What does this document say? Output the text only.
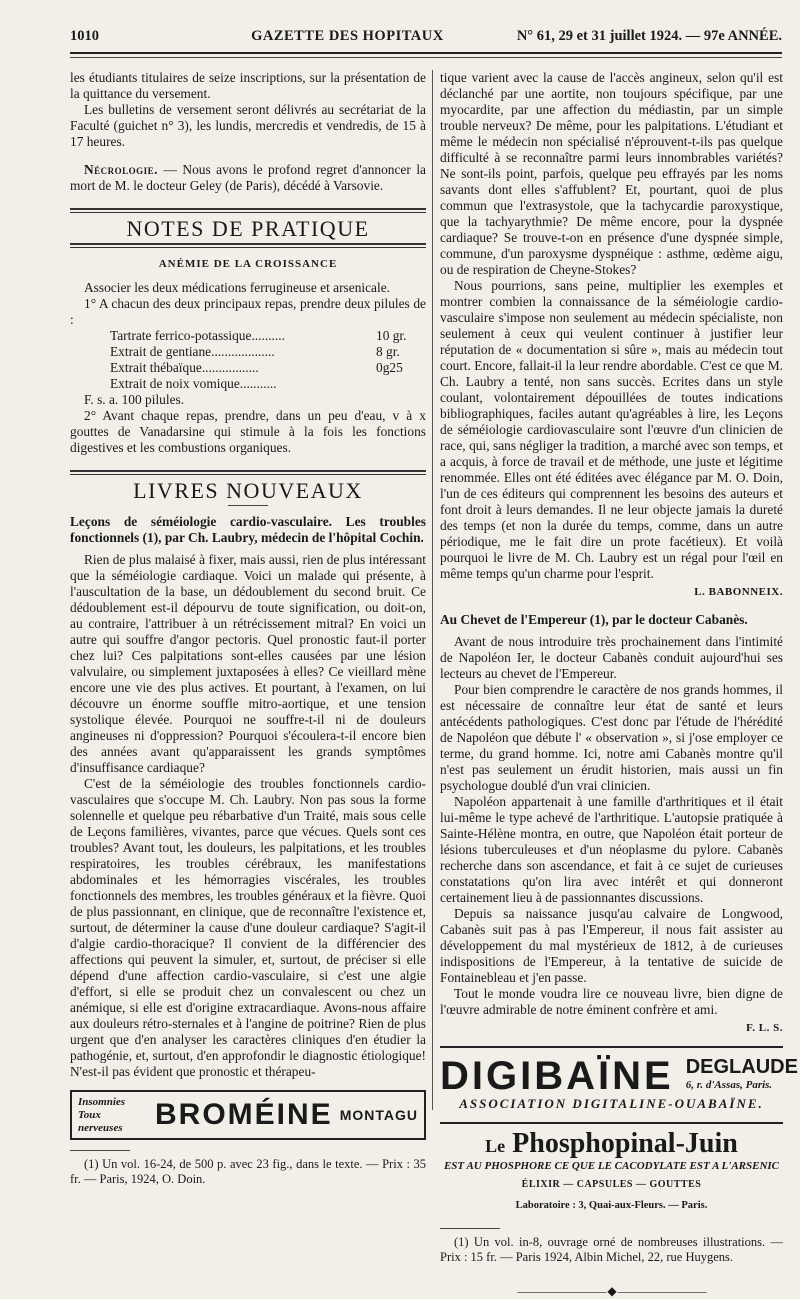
1010	GAZETTE DES HOPITAUX	N° 61, 29 et 31 juillet 1924. — 97e ANNÉE.

les étudiants titulaires de seize inscriptions, sur la présentation de la quittance du versement.

Les bulletins de versement seront délivrés au secrétariat de la Faculté (guichet n° 3), les lundis, mercredis et vendredis, de 15 à 17 heures.

Nécrologie. — Nous avons le profond regret d'annoncer la mort de M. le docteur Geley (de Paris), décédé à Varsovie.

NOTES DE PRATIQUE
ANÉMIE DE LA CROISSANCE

Associer les deux médications ferrugineuse et arsenicale.

1° A chacun des deux principaux repas, prendre deux pilules de :

Tartrate ferrico-potassique..........	10 gr.
Extrait de gentiane...................	8 gr.
Extrait thébaïque.................	0g25
Extrait de noix vomique...........

F. s. a. 100 pilules.

2° Avant chaque repas, prendre, dans un peu d'eau, v à x gouttes de Vanadarsine qui stimule à la fois les fonctions digestives et les combustions organiques.

LIVRES NOUVEAUX

Leçons de séméiologie cardio-vasculaire. Les troubles fonctionnels (1), par Ch. Laubry, médecin de l'hôpital Cochin.

Rien de plus malaisé à fixer, mais aussi, rien de plus intéressant que la séméiologie cardiaque. Voici un malade qui présente, à l'auscultation de la base, un dédoublement du second bruit. Ce dédoublement est-il dépourvu de toute signification, ou doit-on, au contraire, l'attribuer à un rétrécissement mitral? En voici un autre qui souffre d'angor pectoris. Quel pronostic faut-il porter chez lui? Ces palpitations sont-elles causées par une lésion valvulaire, ou simplement juxtaposées à elles? Ce vieillard mène encore une vie des plus actives. Et pourtant, à l'examen, on lui découvre un énorme souffle mitro-aortique, et une tension systolique élevée. Pourquoi ne souffre-t-il ni de douleurs angineuses ni d'oppression? Pourquoi s'écoulera-t-il encore bien des années avant qu'apparaissent les grands symptômes d'insuffisance cardiaque?

C'est de la séméiologie des troubles fonctionnels cardio-vasculaires que s'occupe M. Ch. Laubry. Non pas sous la forme solennelle et quelque peu rébarbative d'un Traité, mais sous celle de Leçons familières, vivantes, parce que vécues. Quels sont ces troubles? Avant tout, les douleurs, les palpitations, et les troubles respiratoires, les troubles cérébraux, les manifestations abdominales et les hémorragies viscérales, les troubles fonctionnels des membres, les troubles généraux et la fièvre. Quoi de plus passionnant, en clinique, que de reconnaître l'existence et, surtout, de déterminer la cause d'une douleur cardiaque? S'agit-il d'algie cardio-thoracique? Il convient de la différencier des affections qui peuvent la simuler, et, surtout, de préciser si elle dépend d'une affection cardio-vasculaire, si c'est une algie d'effort, si elle se produit chez un convalescent ou chez un anémique, si elle est d'origine extracardiaque. Avons-nous affaire aux douleurs rétro-sternales et à l'angine de poitrine? Rien de plus urgent que d'en analyser les caractères cliniques d'en étudier la pathogénie, et, surtout, d'en approfondir le diagnostic étiologique! N'est-il pas évident que pronostic et thérapeu-

Insomnies
Toux nerveuses	BROMÉINE MONTAGU

(1) Un vol. 16-24, de 500 p. avec 23 fig., dans le texte. — Prix : 35 fr. — Paris, 1924, O. Doin.

tique varient avec la cause de l'accès angineux, selon qu'il est déclanché par une aortite, non toujours spécifique, par une myocardite, par une affection du médiastin, par un simple trouble nerveux? De même, pour les palpitations. L'étudiant et même le médecin non spécialisé n'éprouvent-t-ils pas quelque difficulté à se reconnaître parmi leurs innombrables variétés? Ne sont-ils point, parfois, quelque peu effrayés par les noms savants dont elles s'affublent? Et, pourtant, quoi de plus commun que l'extrasystole, que la tachycardie paroxystique, que la tachyarythmie? De même encore, pour la dyspnée cardiaque? Se trouve-t-on en présence d'une dyspnée simple, commune, d'un paroxysme dyspnéique : asthme, œdème aigu, ou de respiration de Cheyne-Stokes?

Nous pourrions, sans peine, multiplier les exemples et montrer combien la connaissance de la séméiologie cardio-vasculaire s'impose non seulement au médecin spécialiste, non seulement à ceux qui veulent continuer à justifier leur réputation de « documentation si sûre », mais au médecin tout court. Encore, fallait-il la leur rendre abordable. C'est ce que M. Ch. Laubry a tenté, non sans succès. Ecrites dans un style coulant, volontairement dépouillées de toutes indications bibliographiques, faciles autant qu'agréables à lire, les Leçons de séméiologie cardiovasculaire sont l'œuvre d'un clinicien de race, qui, sans négliger la tradition, a marché avec son temps, et a acquis, à force de travail et de méthode, une juste et légitime renommée. Elles ont été éditées avec élégance par M. O. Doin, l'un de ces éditeurs qui comprennent les besoins des auteurs et font droit à leurs demandes. Il ne leur objecte jamais la dureté des temps (et non la durée du temps, comme, dans un autre périodique, me le fait dire un prote facétieux). Et voilà pourquoi le livre de M. Ch. Laubry est un régal pour l'œil en même temps qu'un charme pour l'esprit.

L. BABONNEIX.

Au Chevet de l'Empereur (1), par le docteur Cabanès.

Avant de nous introduire très prochainement dans l'intimité de Napoléon Ier, le docteur Cabanès conduit aujourd'hui ses lecteurs au chevet de l'Empereur.

Pour bien comprendre le caractère de nos grands hommes, il est nécessaire de connaître leur état de santé et leurs antécédents pathologiques. C'est donc par l'étude de l'hérédité de Napoléon que débute l' « observation », si j'ose employer ce terme, du grand homme. Ici, notre ami Cabanès montre qu'il n'est pas seulement un érudit historien, mais aussi un fin psychologue doublé d'un vrai clinicien.

Napoléon appartenait à une famille d'arthritiques et il était lui-même le type achevé de l'arthritique. L'autopsie pratiquée à Sainte-Hélène montra, en outre, que Napoléon était porteur de lésions tuberculeuses et d'un néoplasme du pylore. Cabanès recherche dans son ascendance, et fait à ce sujet de curieuses constatations qu'on lira avec intérêt et qui donneront certainement lieu à de passionnantes discussions.

Depuis sa naissance jusqu'au calvaire de Longwood, Cabanès suit pas à pas l'Empereur, il nous fait assister au développement du mal mystérieux de 1812, à de curieuses indispositions de l'Empereur, à la tentative de suicide de Fontainebleau et j'en passe.

Tout le monde voudra lire ce nouveau livre, bien digne de l'œuvre admirable de notre éminent confrère et ami.

F. L. S.
DIGIBAÏNE DEGLAUDE
6, r. d'Assas, Paris.
ASSOCIATION DIGITALINE-OUABAÏNE.
Le Phosphopinal-Juin
EST AU PHOSPHORE CE QUE LE CACODYLATE EST A L'ARSENIC
ÉLIXIR — CAPSULES — GOUTTES
Laboratoire : 3, Quai-aux-Fleurs. — Paris.

(1) Un vol. in-8, ouvrage orné de nombreuses illustrations. — Prix : 15 fr. — Paris 1924, Albin Michel, 22, rue Huygens.

———————— ◆ ————————
